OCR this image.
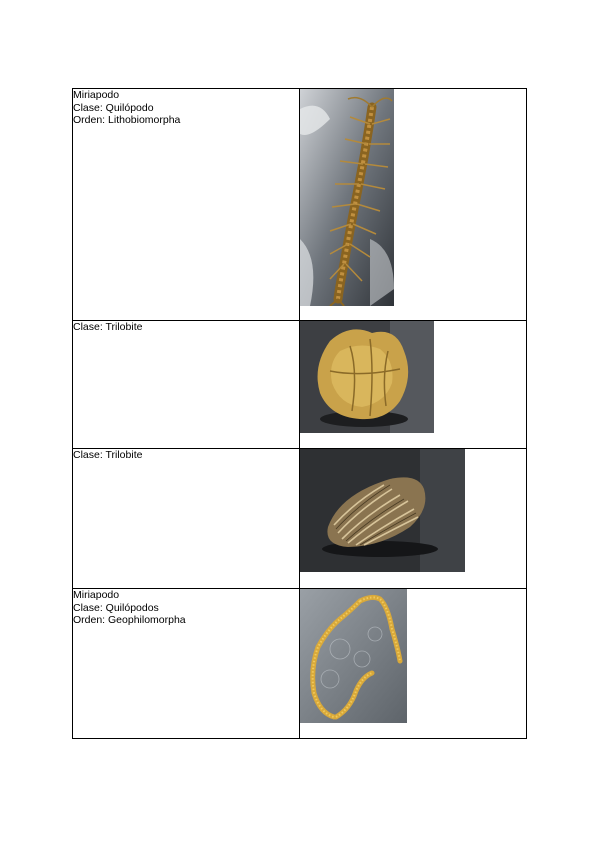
Miriapodo
Clase: Quilópodo
Orden: Lithobiomorpha

Clase: Trilobite

Clase: Trilobite

Miriapodo
Clase: Quilópodos
Orden: Geophilomorpha
